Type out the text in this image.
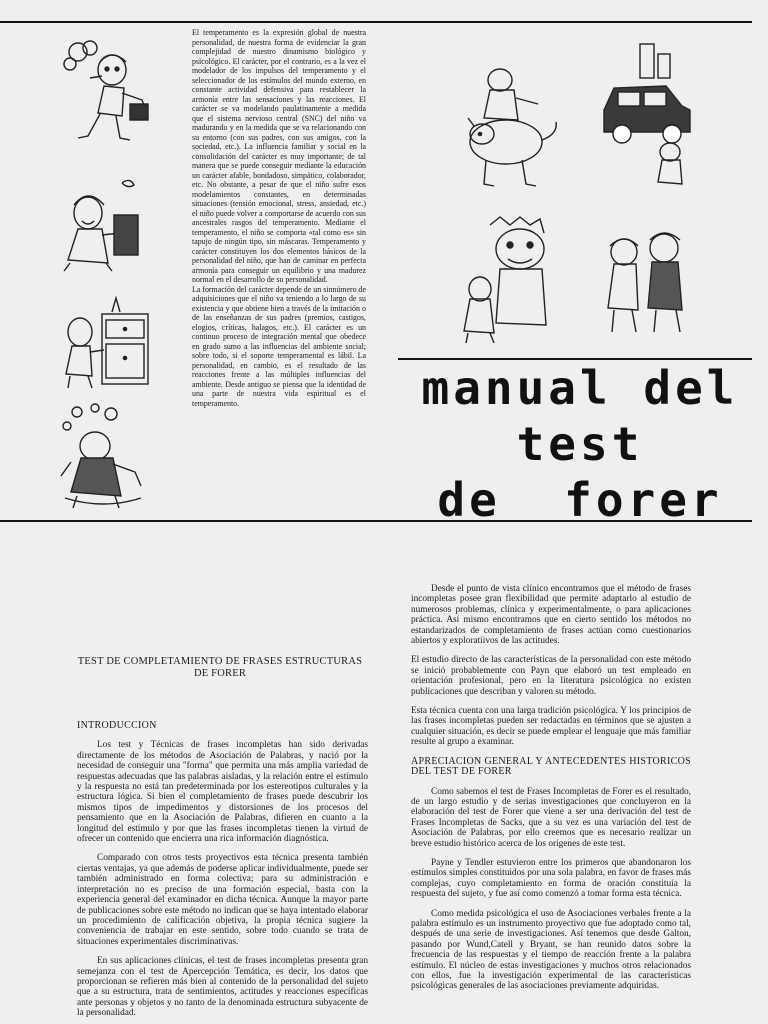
El temperamento es la expresión global de nuestra personalidad, de nuestra forma de evidenciar la gran complejidad de nuestro dinamismo biológico y psicológico. El carácter, por el contrario, es a la vez el modelador de los impulsos del temperamento y el seleccionador de los estímulos del mundo externo, en constante actividad defensiva para restablecer la armonía entre las sensaciones y las reacciones. El carácter se va modelando paulatinamente a medida que el sistema nervioso central (SNC) del niño va madurando y en la medida que se va relacionando con su entorno (con sus padres, con sus amigos, con la sociedad, etc.). La influencia familiar y social en la consolidación del carácter es muy importante; de tal manera que se puede conseguir mediante la educación un carácter afable, bondadoso, simpático, colaborador, etc. No obstante, a pesar de que el niño sufre esos modelamientos constantes, en determinadas situaciones (tensión emocional, stress, ansiedad, etc.) el niño puede volver a comportarse de acuerdo con sus ancestrales rasgos del temperamento. Mediante el temperamento, el niño se comporta «tal como es» sin tapujo de ningún tipo, sin máscaras. Temperamento y carácter constituyen los dos elementos básicos de la personalidad del niño, que han de caminar en perfecta armonía para conseguir un equilibrio y una madurez normal en el desarrollo de su personalidad.

La formación del carácter depende de un sinnúmero de adquisiciones que el niño va teniendo a lo largo de su existencia y que obtiene bien a través de la imitación o de las enseñanzas de sus padres (premios, castigos, elogios, críticas, halagos, etc.). El carácter es un continuo proceso de integración mental que obedece en grado sumo a las influencias del ambiente social; sobre todo, si el soporte temperamental es lábil. La personalidad, en cambio, es el resultado de las reacciones frente a las múltiples influencias del ambiente. Desde antiguo se piensa que la identidad de una parte de nuestra vida espiritual es el temperamento.	manual del
test
de  forer
TEST DE COMPLETAMIENTO DE FRASES ESTRUCTURAS DE FORER

INTRODUCCION

Los test y Técnicas de frases incompletas han sido derivadas directamente de los métodos de Asociación de Palabras, y nació por la necesidad de conseguir una "forma" que permita una más amplia variedad de respuestas adecuadas que las palabras aisladas, y la relación entre el estímulo y la respuesta no está tan predeterminada por los estereotipos culturales y la estructura lógica. Si bien el completamiento de frases puede descubrir los mismos tipos de impedimentos y distorsiones de los procesos del pensamiento que en la Asociación de Palabras, difieren en cuanto a la longitud del estímulo y por que las frases incompletas tienen la virtud de ofrecer un contenido que encierra una rica información diagnóstica.

Comparado con otros tests proyectivos esta técnica presenta también ciertas ventajas, ya que además de poderse aplicar individualmente, puede ser también administrado en forma colectiva; para su administración e interpretación no es preciso de una formación especial, basta con la experiencia general del examinador en dicha técnica. Aunque la mayor parte de publicaciones sobre este método no indican que se haya intentado elaborar un procedimiento de calificación objetiva, la propia técnica sugiere la conveniencia de trabajar en este sentido, sobre todo cuando se trata de situaciones experimentales discriminativas.

En sus aplicaciones clínicas, el test de frases incompletas presenta gran semejanza con el test de Apercepción Temática, es decir, los datos que proporcionan se refieren más bien al contenido de la personalidad del sujeto que a su estructura, trata de sentimientos, actitudes y reacciones específicas ante personas y objetos y no tanto de la denominada estructura subyacente de la personalidad.

Desde el punto de vista clínico encontramos que el método de frases incompletas posee gran flexibilidad que permite adaptarlo al estudio de numerosos problemas, clínica y experimentalmente, o para aplicaciones práctica. Así mismo encontramos que en cierto sentido los métodos no estandarizados de completamiento de frases actúan como cuestionarios abiertos y exploratiivos de las actitudes.

El estudio directo de las características de la personalidad con este método se inició probablemente con Payn que elaboró un test empleado en orientación profesional, pero en la literatura psicológica no existen publicaciones que describan y valoren su método.

Esta técnica cuenta con una larga tradición psicológica. Y los principios de las frases incompletas pueden ser redactadas en términos que se ajusten a cualquier situación, es decir se puede emplear el lenguaje que más familiar resulte al grupo a examinar.

APRECIACION GENERAL Y ANTECEDENTES HISTORICOS DEL TEST DE FORER

Como sabemos el test de Frases Incompletas de Forer es el resultado, de un largo estudio y de serias investigaciones que concluyeron en la elaboración del test de Forer que viene a ser una derivación del test de Frases Incompletas de Sacks, que a su vez es una variación del test de Asociación de Palabras, por ello creemos que es necesario realizar un breve estudio histórico acerca de los orígenes de este test.

Payne y Tendler estuvieron entre los primeros que abandonaron los estímulos simples constituidos por una sola palabra, en favor de frases más complejas, cuyo completamiento en forma de oración constituía la respuesta del sujeto, y fue así como comenzó a tomar forma esta técnica.

Como medida psicológica el uso de Asociaciones verbales frente a la palabra estímulo es un instrumento proyectivo que fue adoptado como tal, después de una serie de investigaciones. Así tenemos que desde Galton, pasando por Wund,Catell y Bryant, se han reunido datos sobre la frecuencia de las respuestas y el tiempo de reacción frente a la palabra estímulo. El núcleo de estas investigaciones y muchos otros relacionados con ellos, fue la investigación experimental de las características psicológicas generales de las asociaciones previamente adquiridas.
